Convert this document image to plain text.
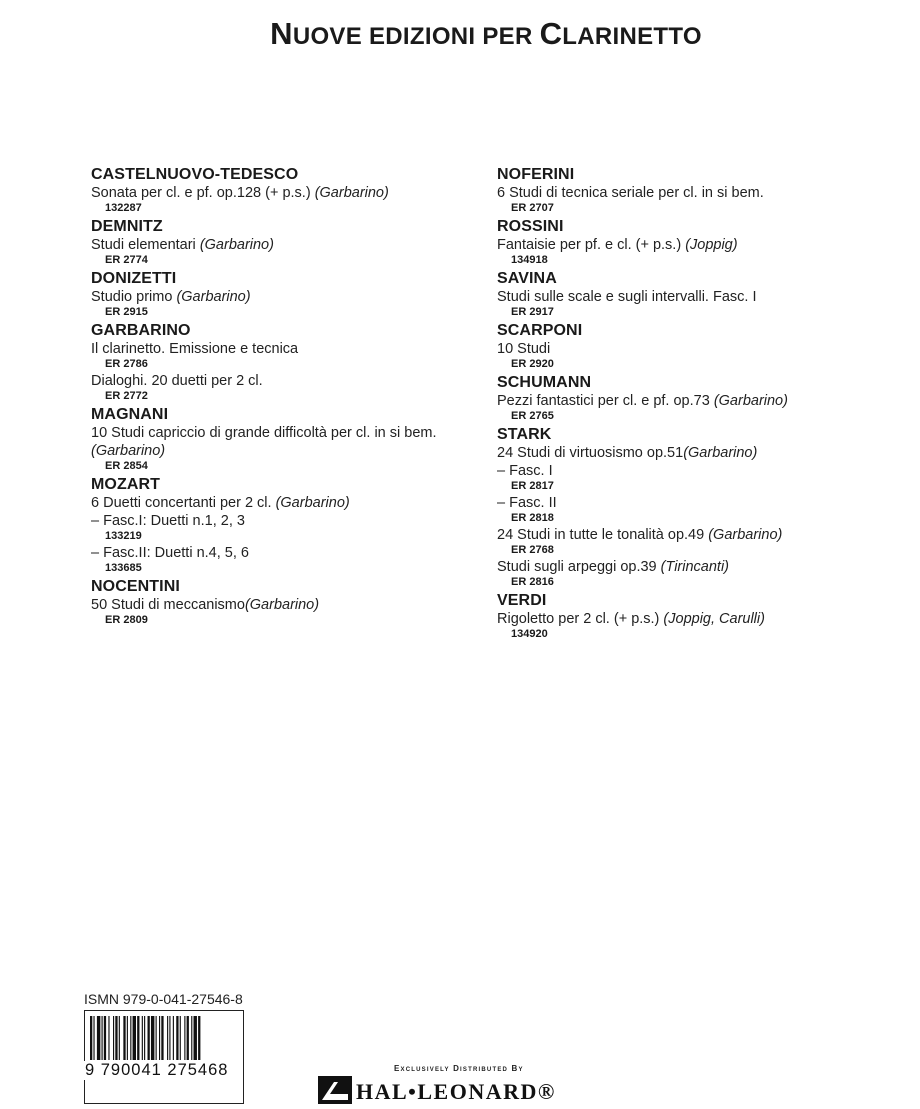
NUOVE EDIZIONI PER CLARINETTO
CASTELNUOVO-TEDESCO
Sonata per cl. e pf. op.128 (+ p.s.) (Garbarino)
132287
DEMNITZ
Studi elementari (Garbarino)
ER 2774
DONIZETTI
Studio primo (Garbarino)
ER 2915
GARBARINO
Il clarinetto. Emissione e tecnica
ER 2786
Dialoghi. 20 duetti per 2 cl.
ER 2772
MAGNANI
10 Studi capriccio di grande difficoltà per cl. in si bem.
(Garbarino)
ER 2854
MOZART
6 Duetti concertanti per 2 cl. (Garbarino)
– Fasc.I: Duetti n.1, 2, 3
133219
– Fasc.II: Duetti n.4, 5, 6
133685
NOCENTINI
50 Studi di meccanismo(Garbarino)
ER 2809
NOFERINI
6 Studi di tecnica seriale per cl. in si bem.
ER 2707
ROSSINI
Fantaisie per pf. e cl. (+ p.s.) (Joppig)
134918
SAVINA
Studi sulle scale e sugli intervalli. Fasc. I
ER 2917
SCARPONI
10 Studi
ER 2920
SCHUMANN
Pezzi fantastici per cl. e pf. op.73 (Garbarino)
ER 2765
STARK
24 Studi di virtuosismo op.51(Garbarino)
– Fasc. I
ER 2817
– Fasc. II
ER 2818
24 Studi in tutte le tonalità op.49 (Garbarino)
ER 2768
Studi sugli arpeggi op.39 (Tirincanti)
ER 2816
VERDI
Rigoletto per 2 cl. (+ p.s.) (Joppig, Carulli)
134920
ISMN 979-0-041-27546-8
9 790041 275468	Exclusively Distributed By
HAL•LEONARD®
